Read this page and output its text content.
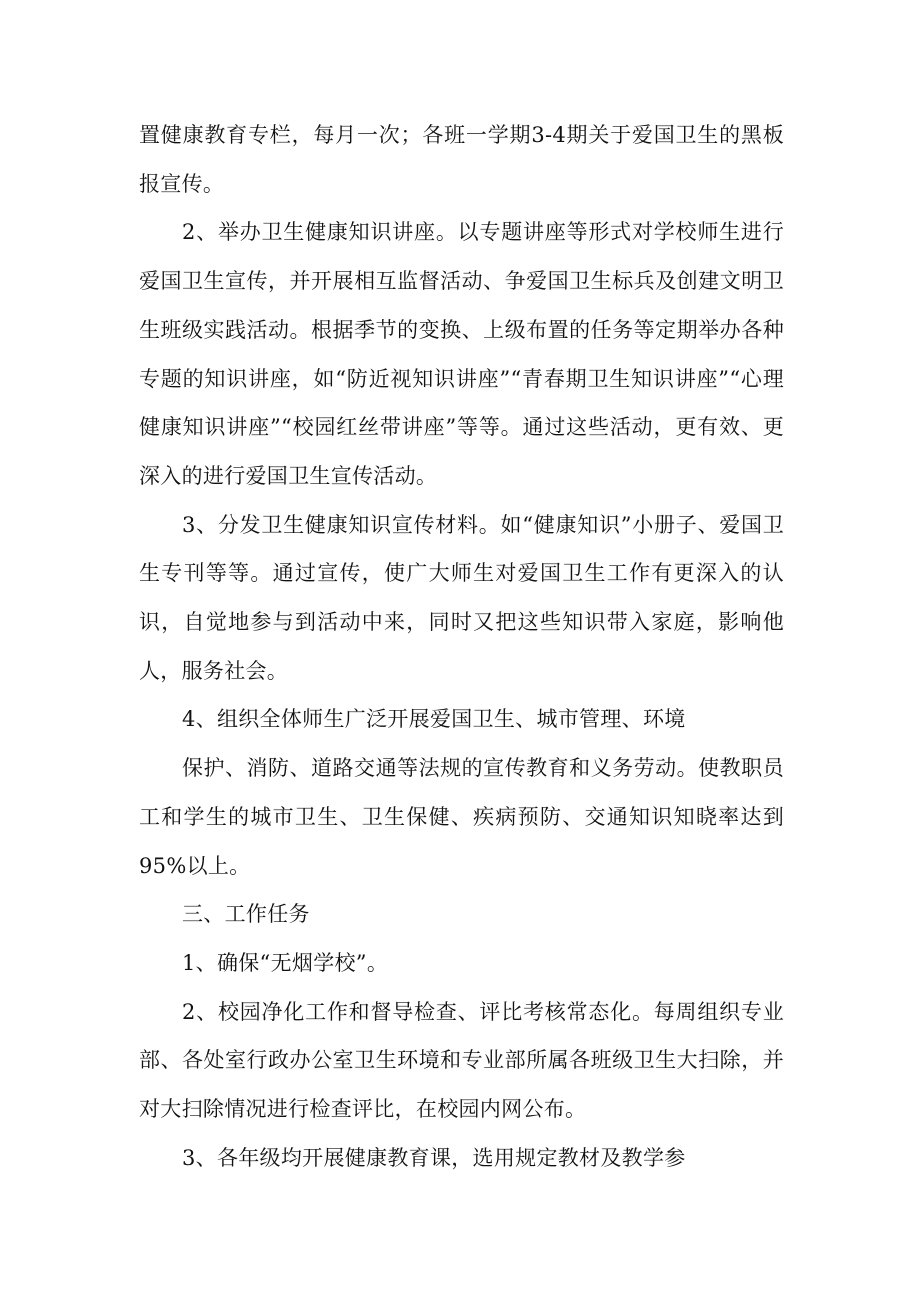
置健康教育专栏，每月一次；各班一学期3-4期关于爱国卫生的黑板报宣传。

2、举办卫生健康知识讲座。以专题讲座等形式对学校师生进行爱国卫生宣传，并开展相互监督活动、争爱国卫生标兵及创建文明卫生班级实践活动。根据季节的变换、上级布置的任务等定期举办各种专题的知识讲座，如“防近视知识讲座”“青春期卫生知识讲座”“心理健康知识讲座”“校园红丝带讲座”等等。通过这些活动，更有效、更深入的进行爱国卫生宣传活动。

3、分发卫生健康知识宣传材料。如“健康知识”小册子、爱国卫生专刊等等。通过宣传，使广大师生对爱国卫生工作有更深入的认识，自觉地参与到活动中来，同时又把这些知识带入家庭，影响他人，服务社会。

4、组织全体师生广泛开展爱国卫生、城市管理、环境

保护、消防、道路交通等法规的宣传教育和义务劳动。使教职员工和学生的城市卫生、卫生保健、疾病预防、交通知识知晓率达到95%以上。

三、工作任务

1、确保“无烟学校”。

2、校园净化工作和督导检查、评比考核常态化。每周组织专业部、各处室行政办公室卫生环境和专业部所属各班级卫生大扫除，并对大扫除情况进行检查评比，在校园内网公布。

3、各年级均开展健康教育课，选用规定教材及教学参
